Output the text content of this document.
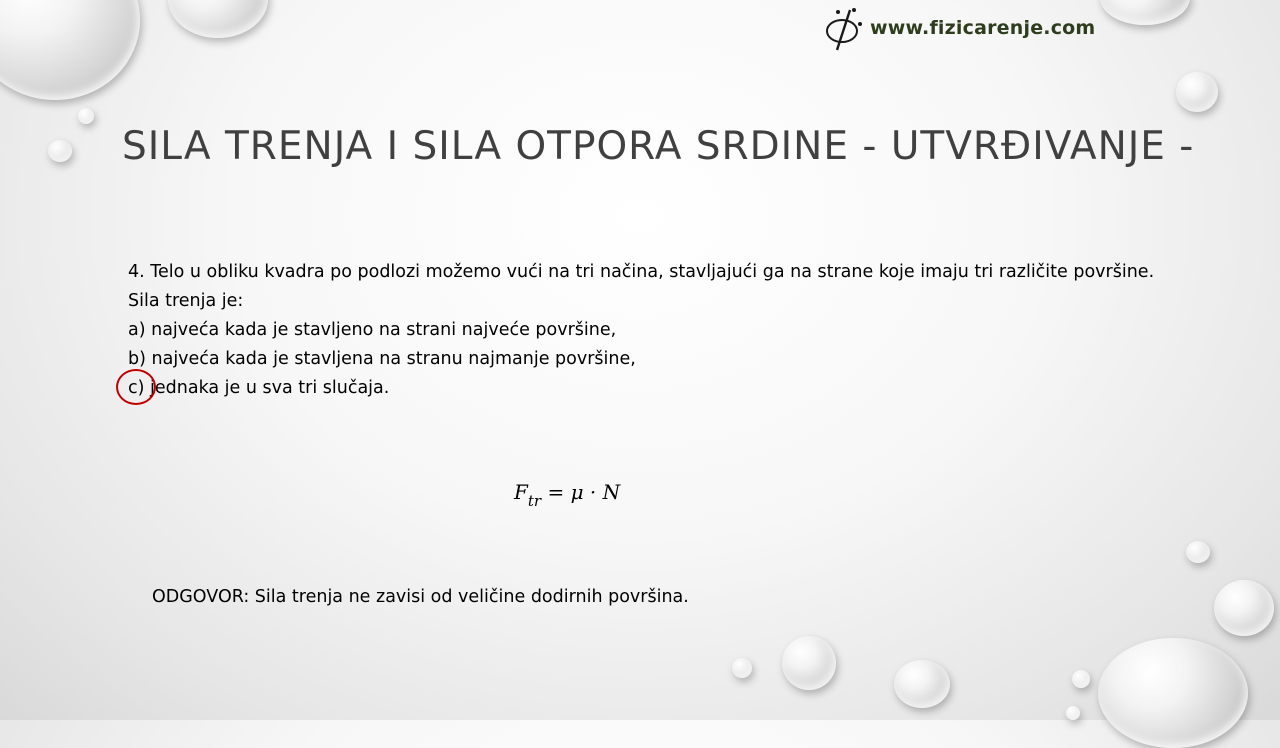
www.fizicarenje.com
SILA TRENJA I SILA OTPORA SRDINE - UTVRĐIVANJE -

4. Telo u obliku kvadra po podlozi možemo vući na tri načina, stavljajući ga na strane koje imaju tri različite površine. Sila trenja je:

a) najveća kada je stavljeno na strani najveće površine,

b) najveća kada je stavljena na stranu najmanje površine,

c) jednaka je u sva tri slučaja.

$F_{tr} = \mu \cdot N$
ODGOVOR: Sila trenja ne zavisi od veličine dodirnih površina.
